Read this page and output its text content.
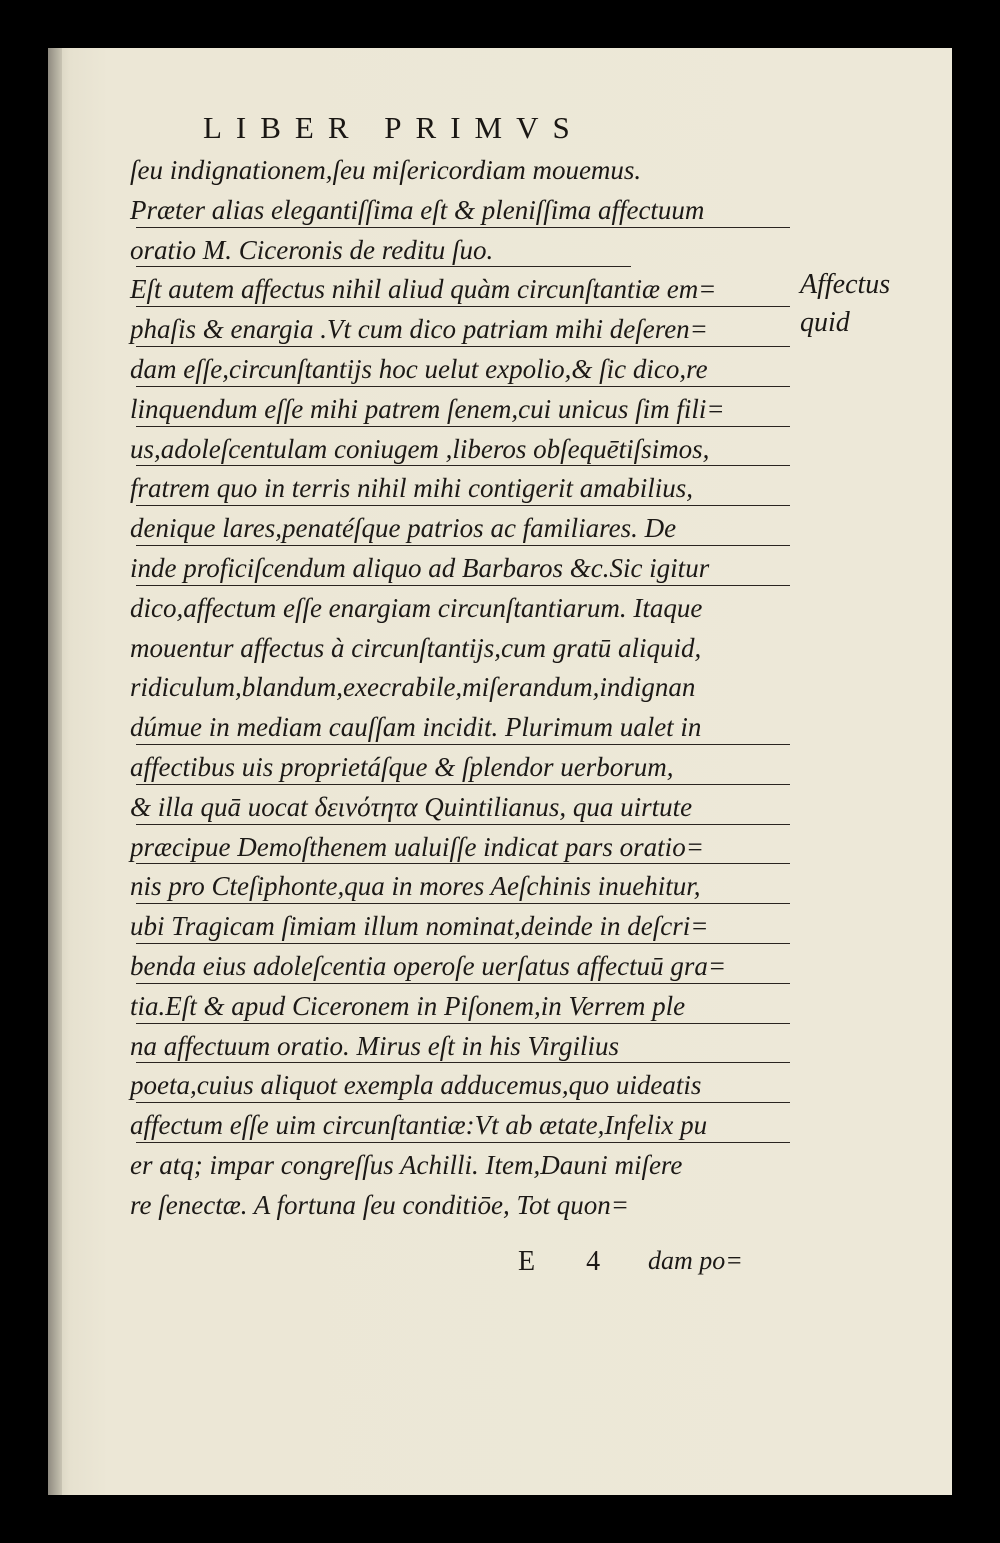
LIBER PRIMVS
ſeu indignationem,ſeu miſericordiam mouemus.
Præter alias elegantiſſima eſt & pleniſſima affectuum
oratio M. Ciceronis de reditu ſuo.
Eſt autem affectus nihil aliud quàm circunſtantiæ em=
phaſis & enargia .Vt cum dico patriam mihi deſeren=
dam eſſe,circunſtantijs hoc uelut expolio,& ſic dico,re
linquendum eſſe mihi patrem ſenem,cui unicus ſim fili=
us,adoleſcentulam coniugem ,liberos obſequētiſsimos,
fratrem quo in terris nihil mihi contigerit amabilius,
denique lares,penatéſque patrios ac familiares. De
inde proficiſcendum aliquo ad Barbaros &c.Sic igitur
dico,affectum eſſe enargiam circunſtantiarum. Itaque
mouentur affectus à circunſtantijs,cum gratū aliquid,
ridiculum,blandum,execrabile,miſerandum,indignan
dúmue in mediam cauſſam incidit. Plurimum ualet in
affectibus uis proprietáſque & ſplendor uerborum,
& illa quā uocat δεινότητα Quintilianus, qua uirtute
præcipue Demoſthenem ualuiſſe indicat pars oratio=
nis pro Cteſiphonte,qua in mores Aeſchinis inuehitur,
ubi Tragicam ſimiam illum nominat,deinde in deſcri=
benda eius adoleſcentia operoſe uerſatus affectuū gra=
tia.Eſt & apud Ciceronem in Piſonem,in Verrem ple
na affectuum oratio. Mirus eſt in his Virgilius
poeta,cuius aliquot exempla adducemus,quo uideatis
affectum eſſe uim circunſtantiæ:Vt ab ætate,Infelix pu
er atq; impar congreſſus Achilli. Item,Dauni miſere
re ſenectæ. A fortuna ſeu conditiōe, Tot quon=
Affectus
quid
E 4 dam po=
